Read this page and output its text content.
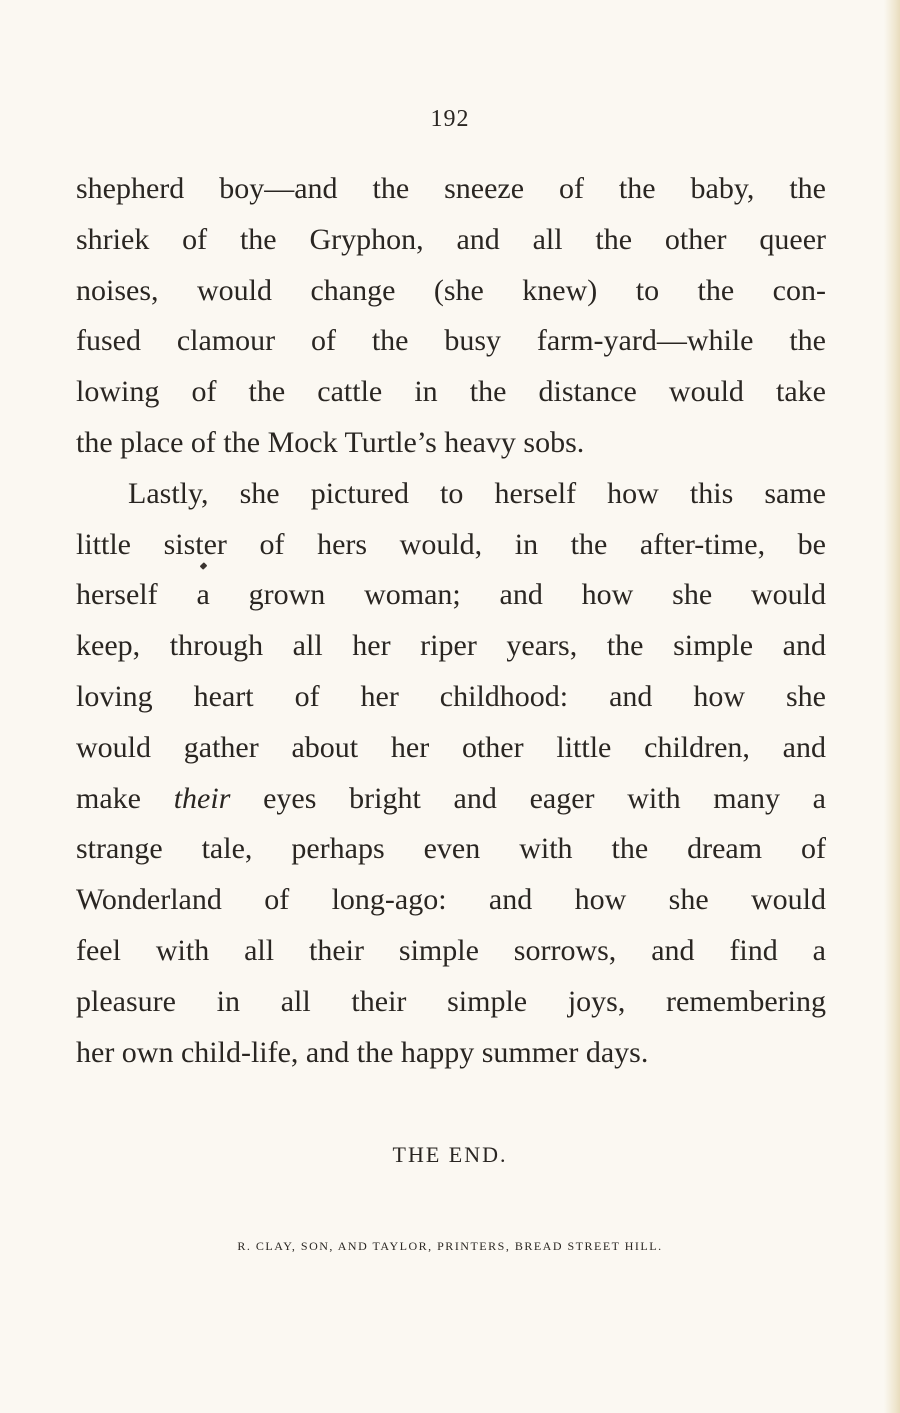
192
shepherd boy—and the sneeze of the baby, the
shriek of the Gryphon, and all the other queer
noises, would change (she knew) to the con-
fused clamour of the busy farm-yard—while the
lowing of the cattle in the distance would take
the place of the Mock Turtle’s heavy sobs.
Lastly, she pictured to herself how this same
little sister of hers would, in the after-time, be
herself a grown woman; and how she would
keep, through all her riper years, the simple and
loving heart of her childhood: and how she
would gather about her other little children, and
make their eyes bright and eager with many a
strange tale, perhaps even with the dream of
Wonderland of long-ago: and how she would
feel with all their simple sorrows, and find a
pleasure in all their simple joys, remembering
her own child-life, and the happy summer days.
THE END.
R. CLAY, SON, AND TAYLOR, PRINTERS, BREAD STREET HILL.
